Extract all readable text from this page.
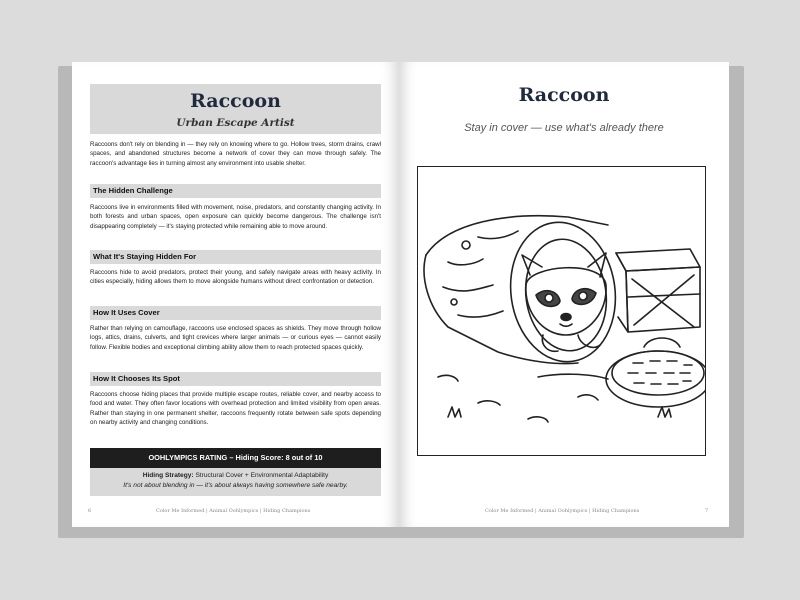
Raccoon
Urban Escape Artist
Raccoons don't rely on blending in — they rely on knowing where to go. Hollow trees, storm drains, crawl spaces, and abandoned structures become a network of cover they can move through safely. The raccoon's advantage lies in turning almost any environment into usable shelter.
The Hidden Challenge
Raccoons live in environments filled with movement, noise, predators, and constantly changing activity. In both forests and urban spaces, open exposure can quickly become dangerous. The challenge isn't disappearing completely — it's staying protected while remaining able to move around.
What It's Staying Hidden For
Raccoons hide to avoid predators, protect their young, and safely navigate areas with heavy activity. In cities especially, hiding allows them to move alongside humans without direct confrontation or detection.
How It Uses Cover
Rather than relying on camouflage, raccoons use enclosed spaces as shields. They move through hollow logs, attics, drains, culverts, and tight crevices where larger animals — or curious eyes — cannot easily follow. Flexible bodies and exceptional climbing ability allow them to reach protected spaces quickly.
How It Chooses Its Spot
Raccoons choose hiding places that provide multiple escape routes, reliable cover, and nearby access to food and water. They often favor locations with overhead protection and limited visibility from open areas. Rather than staying in one permanent shelter, raccoons frequently rotate between safe spots depending on nearby activity and changing conditions.
OOHLYMPICS RATING – Hiding Score: 8 out of 10
Hiding Strategy: Structural Cover + Environmental Adaptability
It's not about blending in — it's about always having somewhere safe nearby.
6	Color Me Informed | Animal Oohlympics | Hiding Champions
Raccoon
Stay in cover — use what's already there
Color Me Informed | Animal Oohlympics | Hiding Champions	7
